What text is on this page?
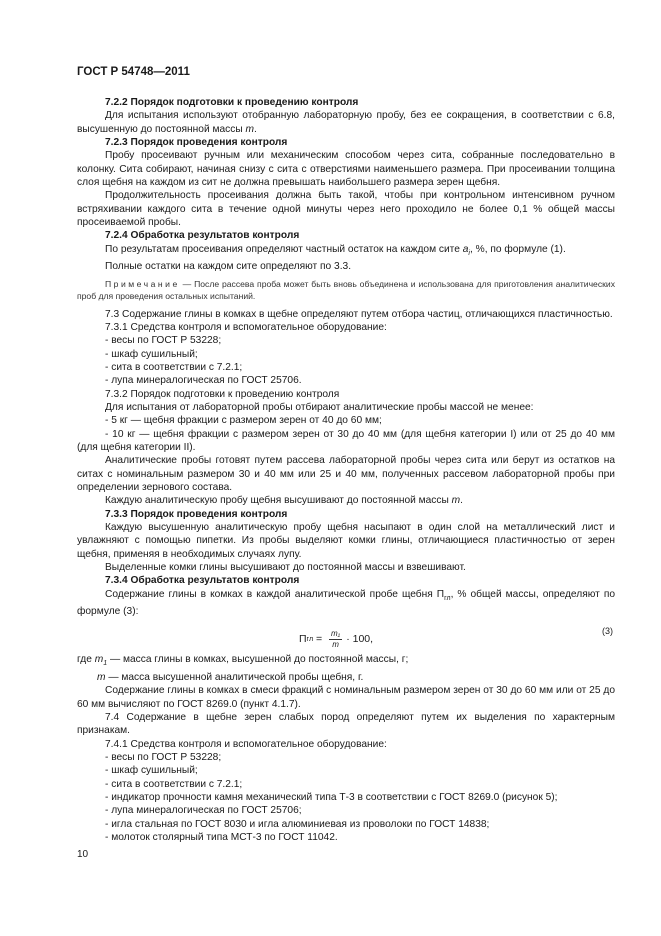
ГОСТ Р 54748—2011

7.2.2 Порядок подготовки к проведению контроля

Для испытания используют отобранную лабораторную пробу, без ее сокращения, в соответствии с 6.8, высушенную до постоянной массы m.

7.2.3 Порядок проведения контроля

Пробу просеивают ручным или механическим способом через сита, собранные последовательно в колонку. Сита собирают, начиная снизу с сита с отверстиями наименьшего размера. При просеивании толщина слоя щебня на каждом из сит не должна превышать наибольшего размера зерен щебня.

Продолжительность просеивания должна быть такой, чтобы при контрольном интенсивном ручном встряхивании каждого сита в течение одной минуты через него проходило не более 0,1 % общей массы просеиваемой пробы.

7.2.4 Обработка результатов контроля

По результатам просеивания определяют частный остаток на каждом сите $a_i$, %, по формуле (1).

Полные остатки на каждом сите определяют по 3.3.

Примечание — После рассева проба может быть вновь объединена и использована для приготовления аналитических проб для проведения остальных испытаний.

7.3 Содержание глины в комках в щебне определяют путем отбора частиц, отличающихся пластичностью.

7.3.1 Средства контроля и вспомогательное оборудование:

- весы по ГОСТ Р 53228;

- шкаф сушильный;

- сита в соответствии с 7.2.1;

- лупа минералогическая по ГОСТ 25706.

7.3.2 Порядок подготовки к проведению контроля

Для испытания от лабораторной пробы отбирают аналитические пробы массой не менее:

- 5 кг — щебня фракции с размером зерен от 40 до 60 мм;

- 10 кг — щебня фракции с размером зерен от 30 до 40 мм (для щебня категории I) или от 25 до 40 мм (для щебня категории II).

Аналитические пробы готовят путем рассева лабораторной пробы через сита или берут из остатков на ситах с номинальным размером 30 и 40 мм или 25 и 40 мм, полученных рассевом лабораторной пробы при определении зернового состава.

Каждую аналитическую пробу щебня высушивают до постоянной массы m.

7.3.3 Порядок проведения контроля

Каждую высушенную аналитическую пробу щебня насыпают в один слой на металлический лист и увлажняют с помощью пипетки. Из пробы выделяют комки глины, отличающиеся пластичностью от зерен щебня, применяя в необходимых случаях лупу.

Выделенные комки глины высушивают до постоянной массы и взвешивают.

7.3.4 Обработка результатов контроля

Содержание глины в комках в каждой аналитической пробе щебня $П_{гл}$, % общей массы, определяют по формуле (3):

П гл = $\frac{\text{m₁}}{m} \cdot 100$,
(3)

где $m_1$ — масса глины в комках, высушенной до постоянной массы, г;

m — масса высушенной аналитической пробы щебня, г.

Содержание глины в комках в смеси фракций с номинальным размером зерен от 30 до 60 мм или от 25 до 60 мм вычисляют по ГОСТ 8269.0 (пункт 4.1.7).

7.4 Содержание в щебне зерен слабых пород определяют путем их выделения по характерным признакам.

7.4.1 Средства контроля и вспомогательное оборудование:

- весы по ГОСТ Р 53228;

- шкаф сушильный;

- сита в соответствии с 7.2.1;

- индикатор прочности камня механический типа Т-3 в соответствии с ГОСТ 8269.0 (рисунок 5);

- лупа минералогическая по ГОСТ 25706;

- игла стальная по ГОСТ 8030 и игла алюминиевая из проволоки по ГОСТ 14838;

- молоток столярный типа МСТ-3 по ГОСТ 11042.

10
